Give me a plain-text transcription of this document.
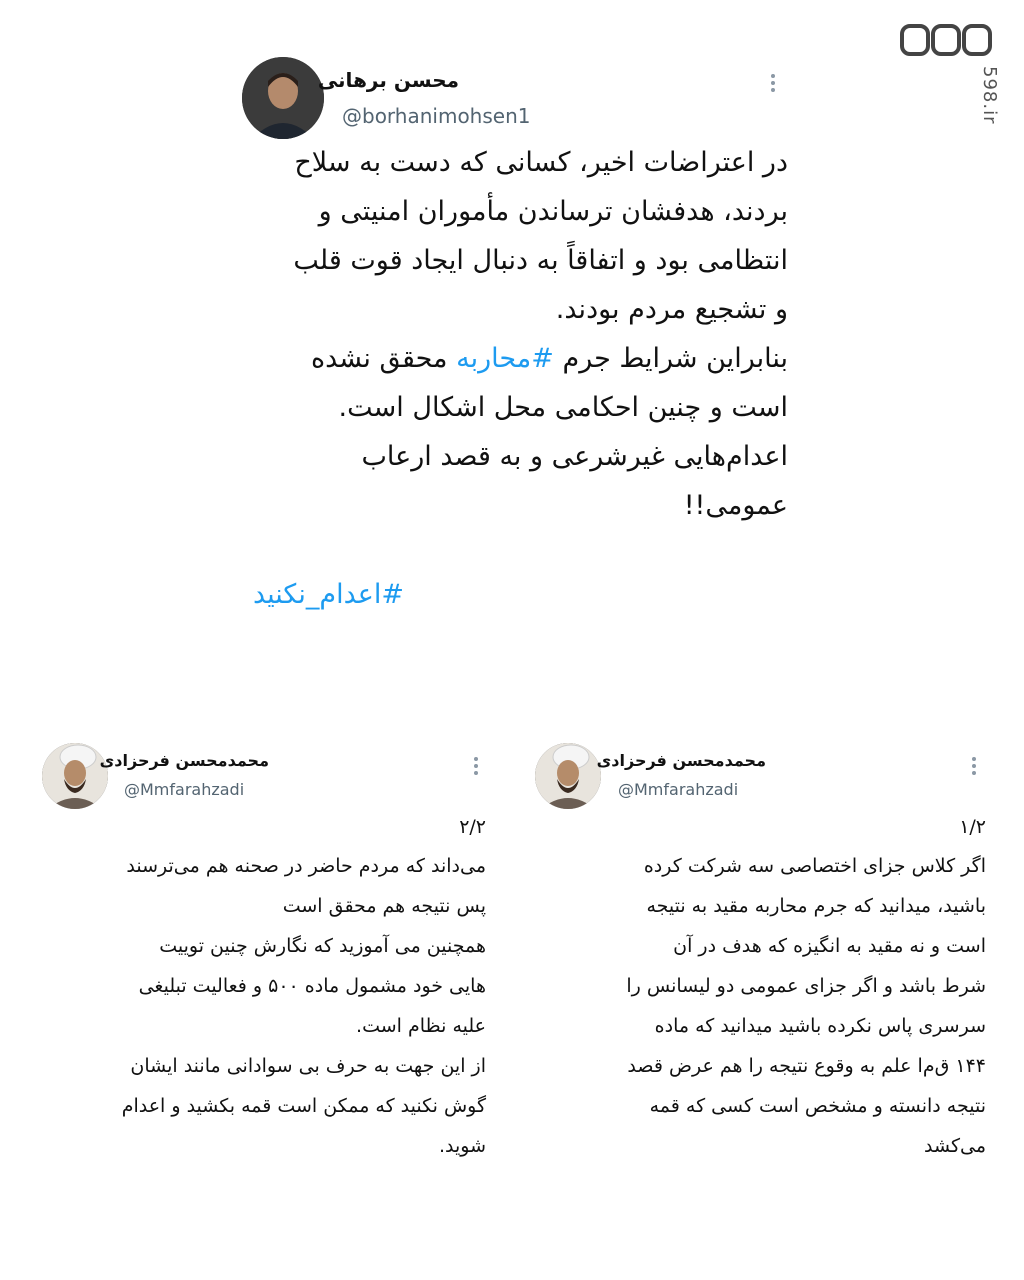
598
598.ir
محسن برهانی
@borhanimohsen1
در اعتراضات اخیر، کسانی که دست به سلاح
بردند، هدفشان ترساندن مأموران امنیتی و
انتظامی بود و اتفاقاً به دنبال ایجاد قوت قلب
و تشجیع مردم بودند.
بنابراین شرایط جرم #محاربه محقق نشده
است و چنین احکامی محل اشکال است.
اعدام‌هایی غیرشرعی و به قصد ارعاب
عمومی!!
#اعدام_نکنید
محمدمحسن فرحزادی
@Mmfarahzadi
۲/۲
می‌داند که مردم حاضر در صحنه هم می‌ترسند
پس نتیجه هم محقق است
همچنین می آموزید که نگارش چنین توییت
هایی خود مشمول ماده ۵۰۰ و فعالیت تبلیغی
علیه نظام است.
از این جهت به حرف بی سوادانی مانند ایشان
گوش نکنید که ممکن است قمه بکشید و اعدام
شوید.
محمدمحسن فرحزادی
@Mmfarahzadi
۱/۲
اگر کلاس جزای اختصاصی سه شرکت کرده
باشید، میدانید که جرم محاربه مقید به نتیجه
است و نه مقید به انگیزه که هدف در آن
شرط باشد و اگر جزای عمومی دو لیسانس را
سرسری پاس نکرده باشید میدانید که ماده
۱۴۴ ق‌م‌ا علم به وقوع نتیجه را هم عرض قصد
نتیجه دانسته و مشخص است کسی که قمه
می‌کشد
